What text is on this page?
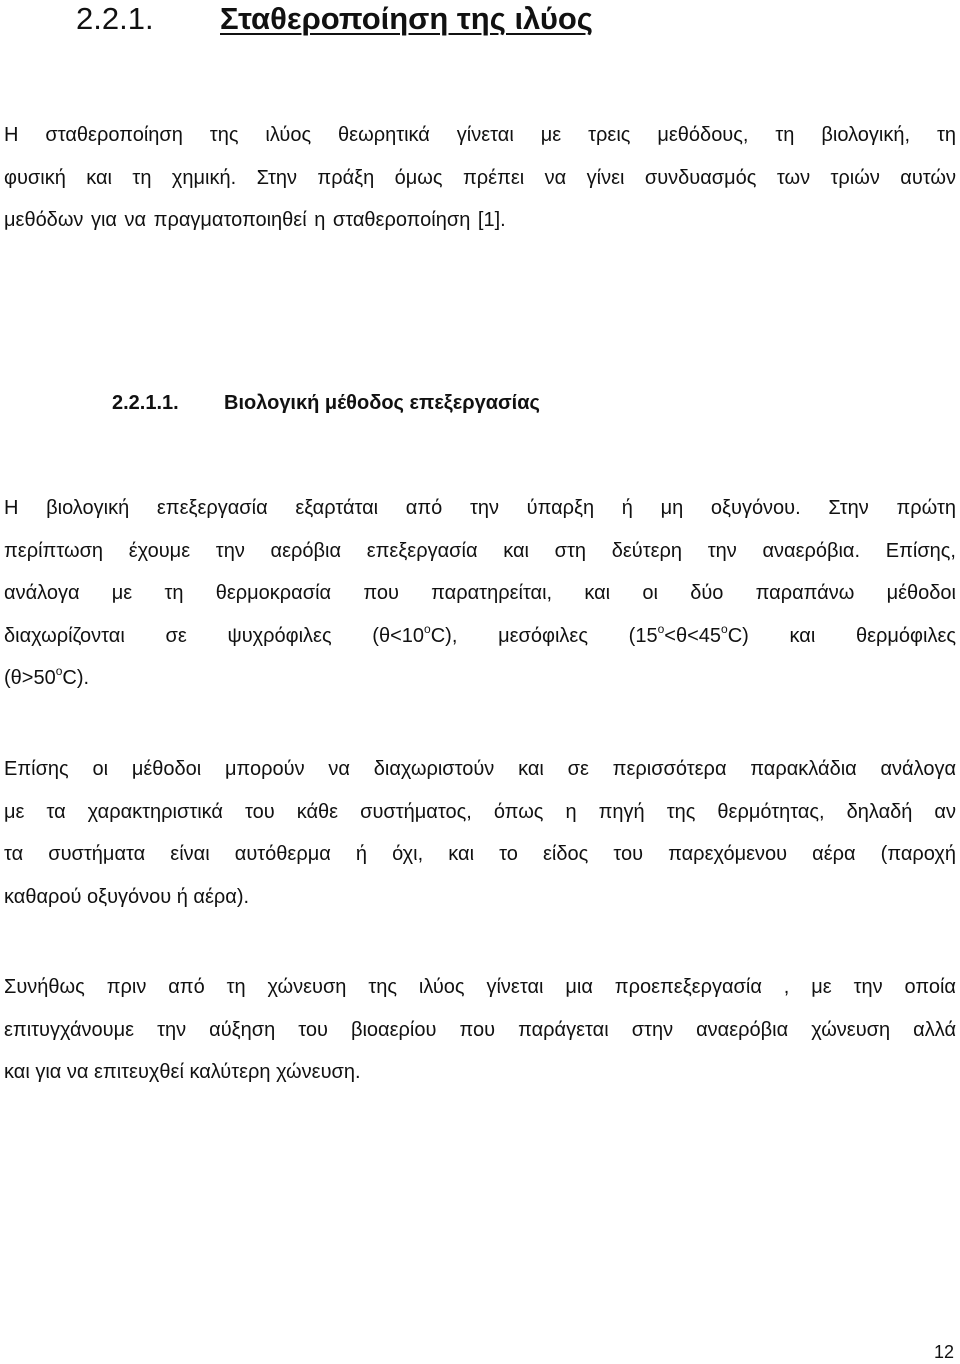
2.2.1. Σταθεροποίηση της ιλύος
Η σταθεροποίηση της ιλύος θεωρητικά γίνεται με τρεις μεθόδους, τη βιολογική, τη
φυσική και τη χημική. Στην πράξη όμως πρέπει να γίνει συνδυασμός των τριών αυτών
μεθόδων για να πραγματοποιηθεί η σταθεροποίηση [1].
2.2.1.1. Βιολογική μέθοδος επεξεργασίας
Η βιολογική επεξεργασία εξαρτάται από την ύπαρξη ή μη οξυγόνου. Στην πρώτη
περίπτωση έχουμε την αερόβια επεξεργασία και στη δεύτερη την αναερόβια. Επίσης,
ανάλογα με τη θερμοκρασία που παρατηρείται, και οι δύο παραπάνω μέθοδοι
διαχωρίζονται σε ψυχρόφιλες $(\theta<10^oC)$, μεσόφιλες $(15^o<\theta<45^oC)$ και θερμόφιλες
$(\theta>50^oC)$.
Επίσης οι μέθοδοι μπορούν να διαχωριστούν και σε περισσότερα παρακλάδια ανάλογα
με τα χαρακτηριστικά του κάθε συστήματος, όπως η πηγή της θερμότητας, δηλαδή αν
τα συστήματα είναι αυτόθερμα ή όχι, και το είδος του παρεχόμενου αέρα (παροχή
καθαρού οξυγόνου ή αέρα).
Συνήθως πριν από τη χώνευση της ιλύος γίνεται μια προεπεξεργασία , με την οποία
επιτυγχάνουμε την αύξηση του βιοαερίου που παράγεται στην αναερόβια χώνευση αλλά
και για να επιτευχθεί καλύτερη χώνευση.
12
